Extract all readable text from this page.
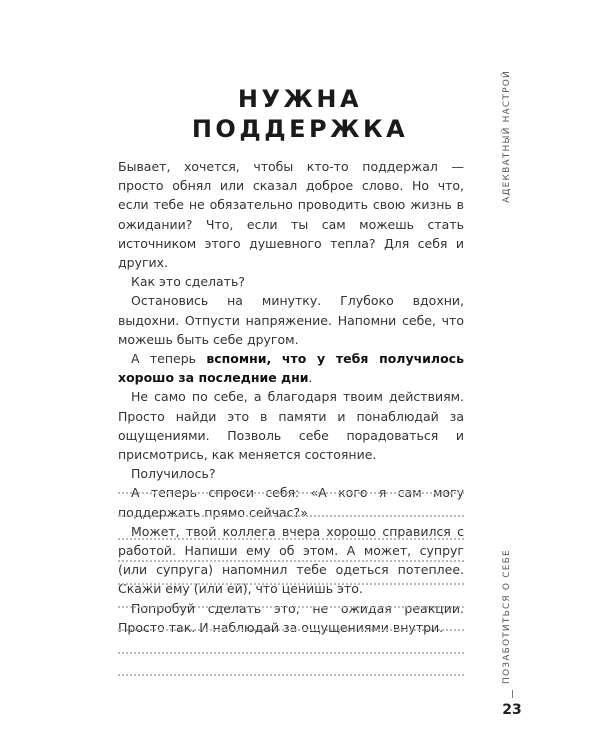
НУЖНА
ПОДДЕРЖКА

Бывает, хочется, чтобы кто-то поддержал — просто обнял или сказал доброе слово. Но что, если тебе не обязательно проводить свою жизнь в ожидании? Что, если ты сам можешь стать источником этого душевного тепла? Для себя и других.

Как это сделать?

Остановись на минутку. Глубоко вдохни, выдохни. Отпусти напряжение. Напомни себе, что можешь быть себе другом.

А теперь вспомни, что у тебя получилось хорошо за последние дни.

Не само по себе, а благодаря твоим действиям. Просто найди это в памяти и понаблюдай за ощущениями. Позволь себе порадоваться и присмотрись, как меняется состояние.

Получилось?

А теперь спроси себя: «А кого я сам могу поддержать прямо сейчас?»

Может, твой коллега вчера хорошо справился с работой. Напиши ему об этом. А может, супруг (или супруга) напомнил тебе одеться потеплее. Скажи ему (или ей), что ценишь это.

Попробуй сделать это, не ожидая реакции. Просто так. И наблюдай за ощущениями внутри.

АДЕКВАТНЫЙ НАСТРОЙ
ПОЗАБОТИТЬСЯ О СЕБЕ
23
